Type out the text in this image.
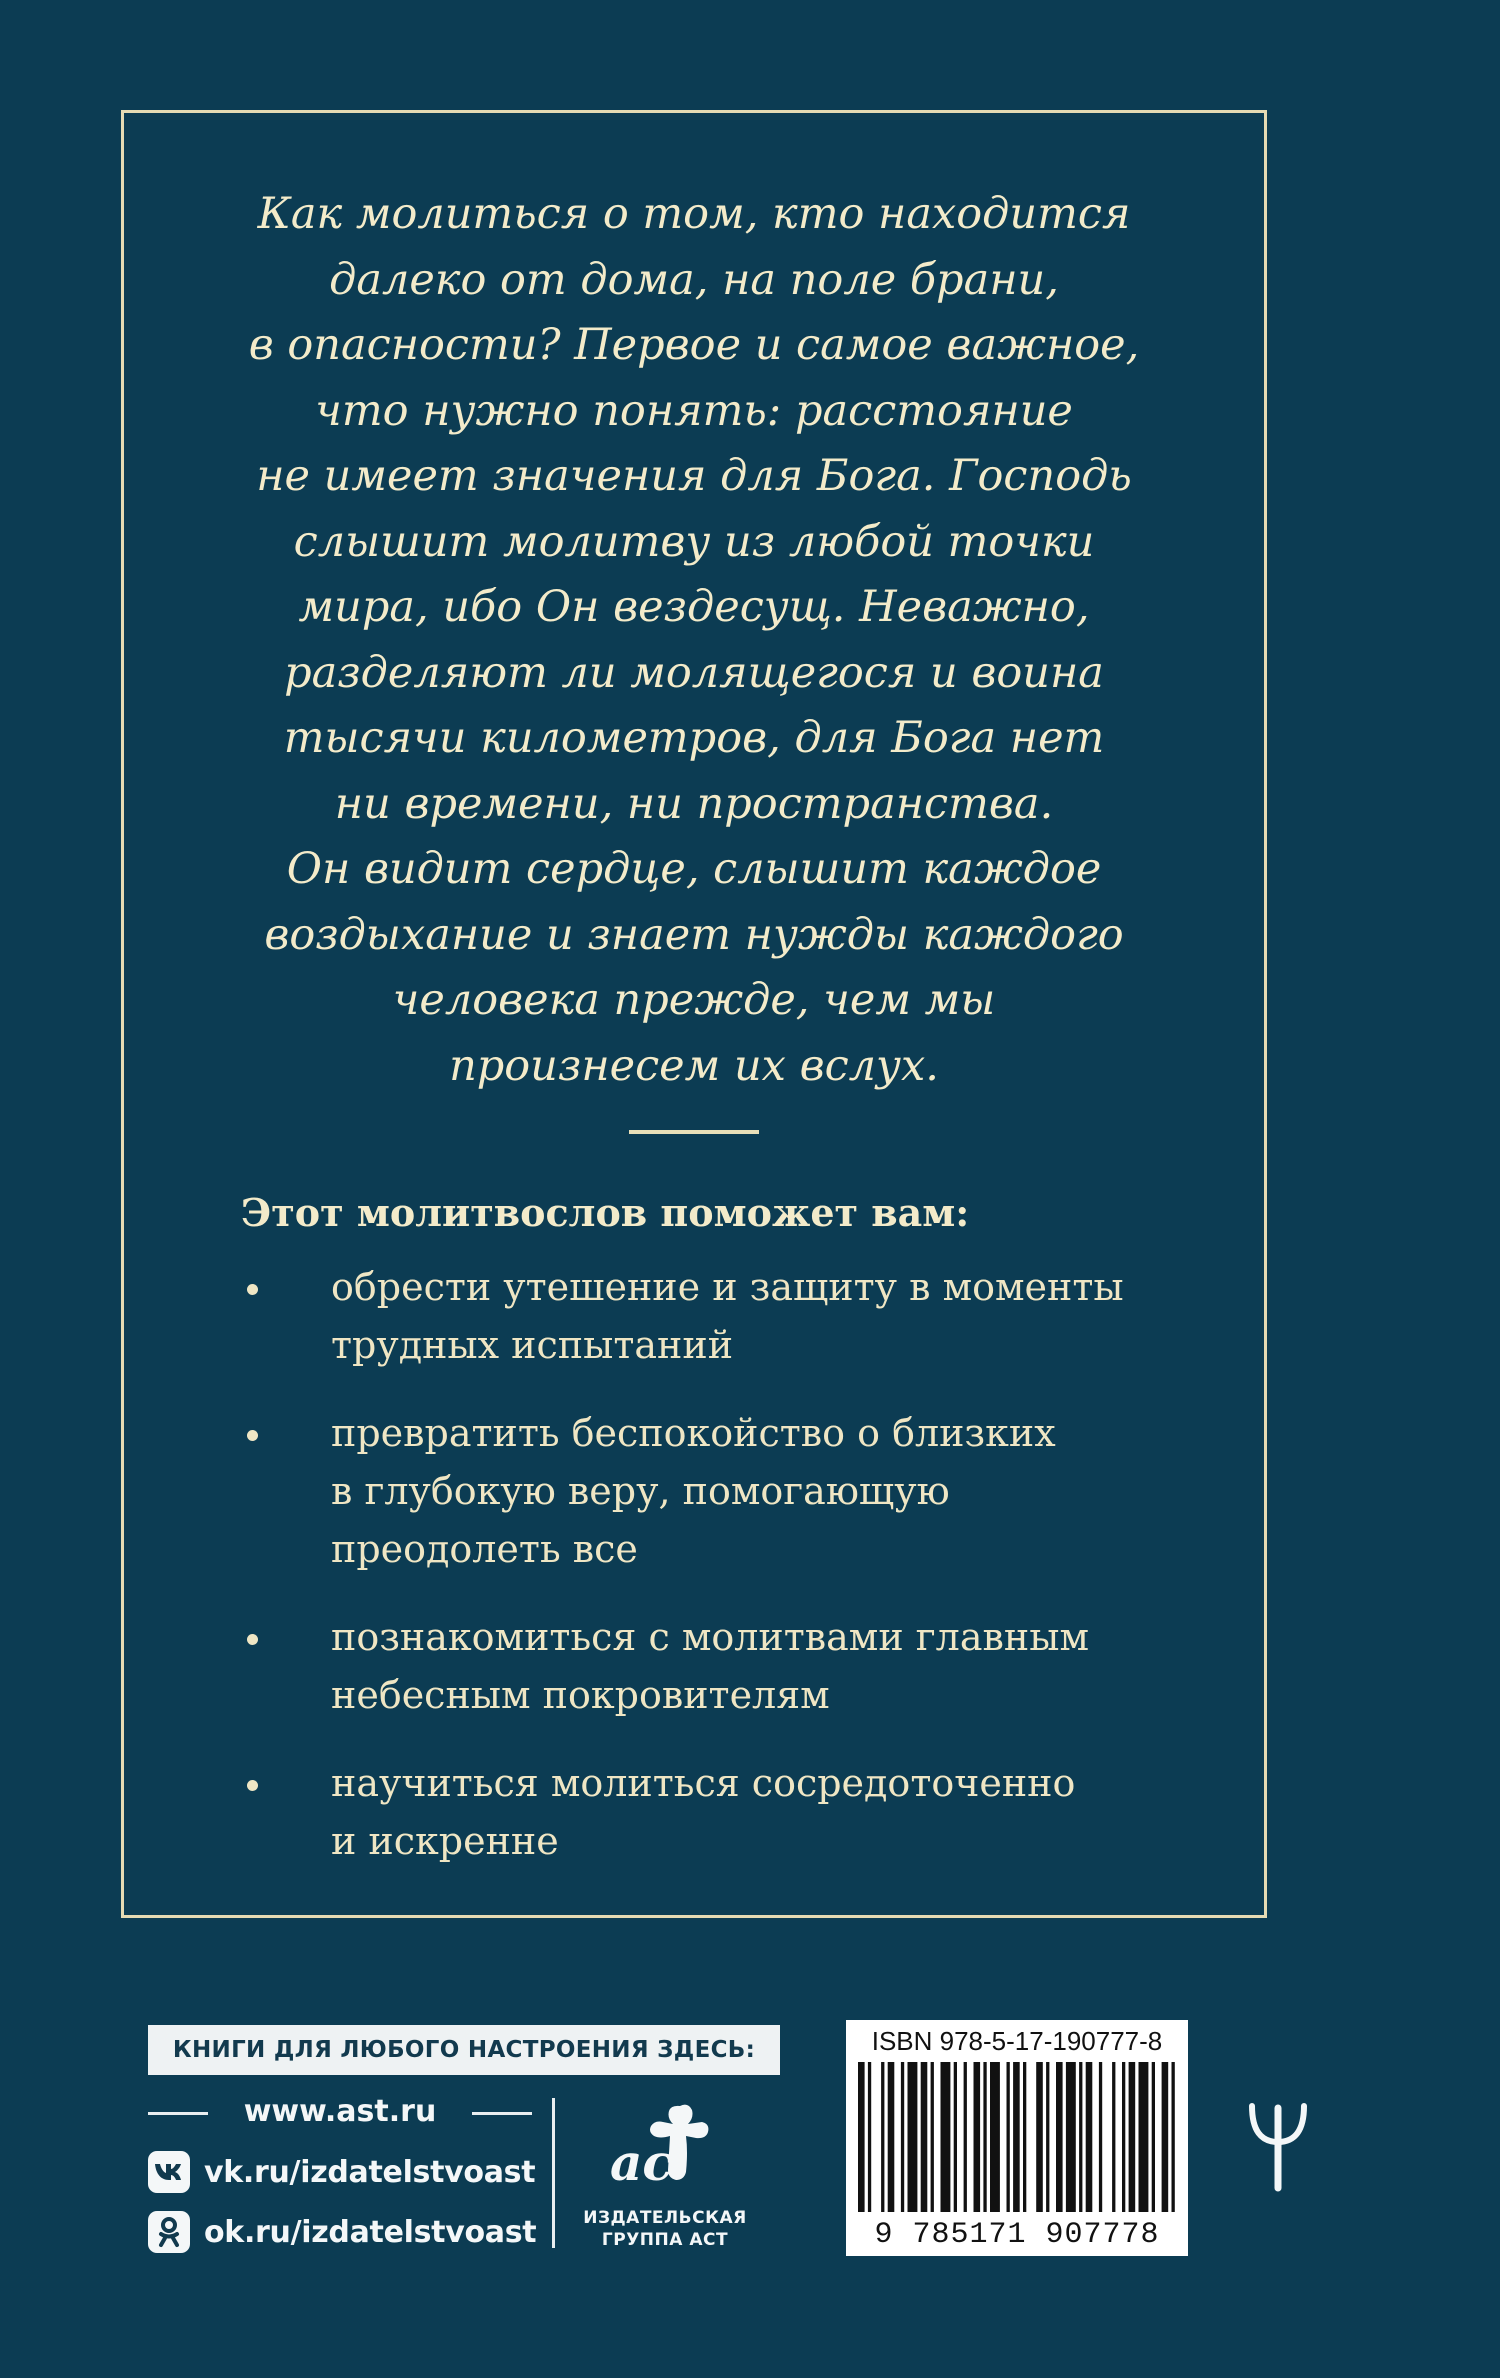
Как молиться о том, кто находится
далеко от дома, на поле брани,
в опасности? Первое и самое важное,
что нужно понять: расстояние
не имеет значения для Бога. Господь
слышит молитву из любой точки
мира, ибо Он вездесущ. Неважно,
разделяют ли молящегося и воина
тысячи километров, для Бога нет
ни времени, ни пространства.
Он видит сердце, слышит каждое
воздыхание и знает нужды каждого
человека прежде, чем мы
произнесем их вслух.
Этот молитвослов поможет вам:
обрести утешение и защиту в моменты
трудных испытаний
превратить беспокойство о близких
в глубокую веру, помогающую
преодолеть все
познакомиться с молитвами главным
небесным покровителям
научиться молиться сосредоточенно
и искренне
КНИГИ ДЛЯ ЛЮБОГО НАСТРОЕНИЯ ЗДЕСЬ:
www.ast.ru
vk.ru/izdatelstvoast
ok.ru/izdatelstvoast
ac
ИЗДАТЕЛЬСКАЯ
ГРУППА АСТ
ISBN 978-5-17-190777-8
9 785171 907778
